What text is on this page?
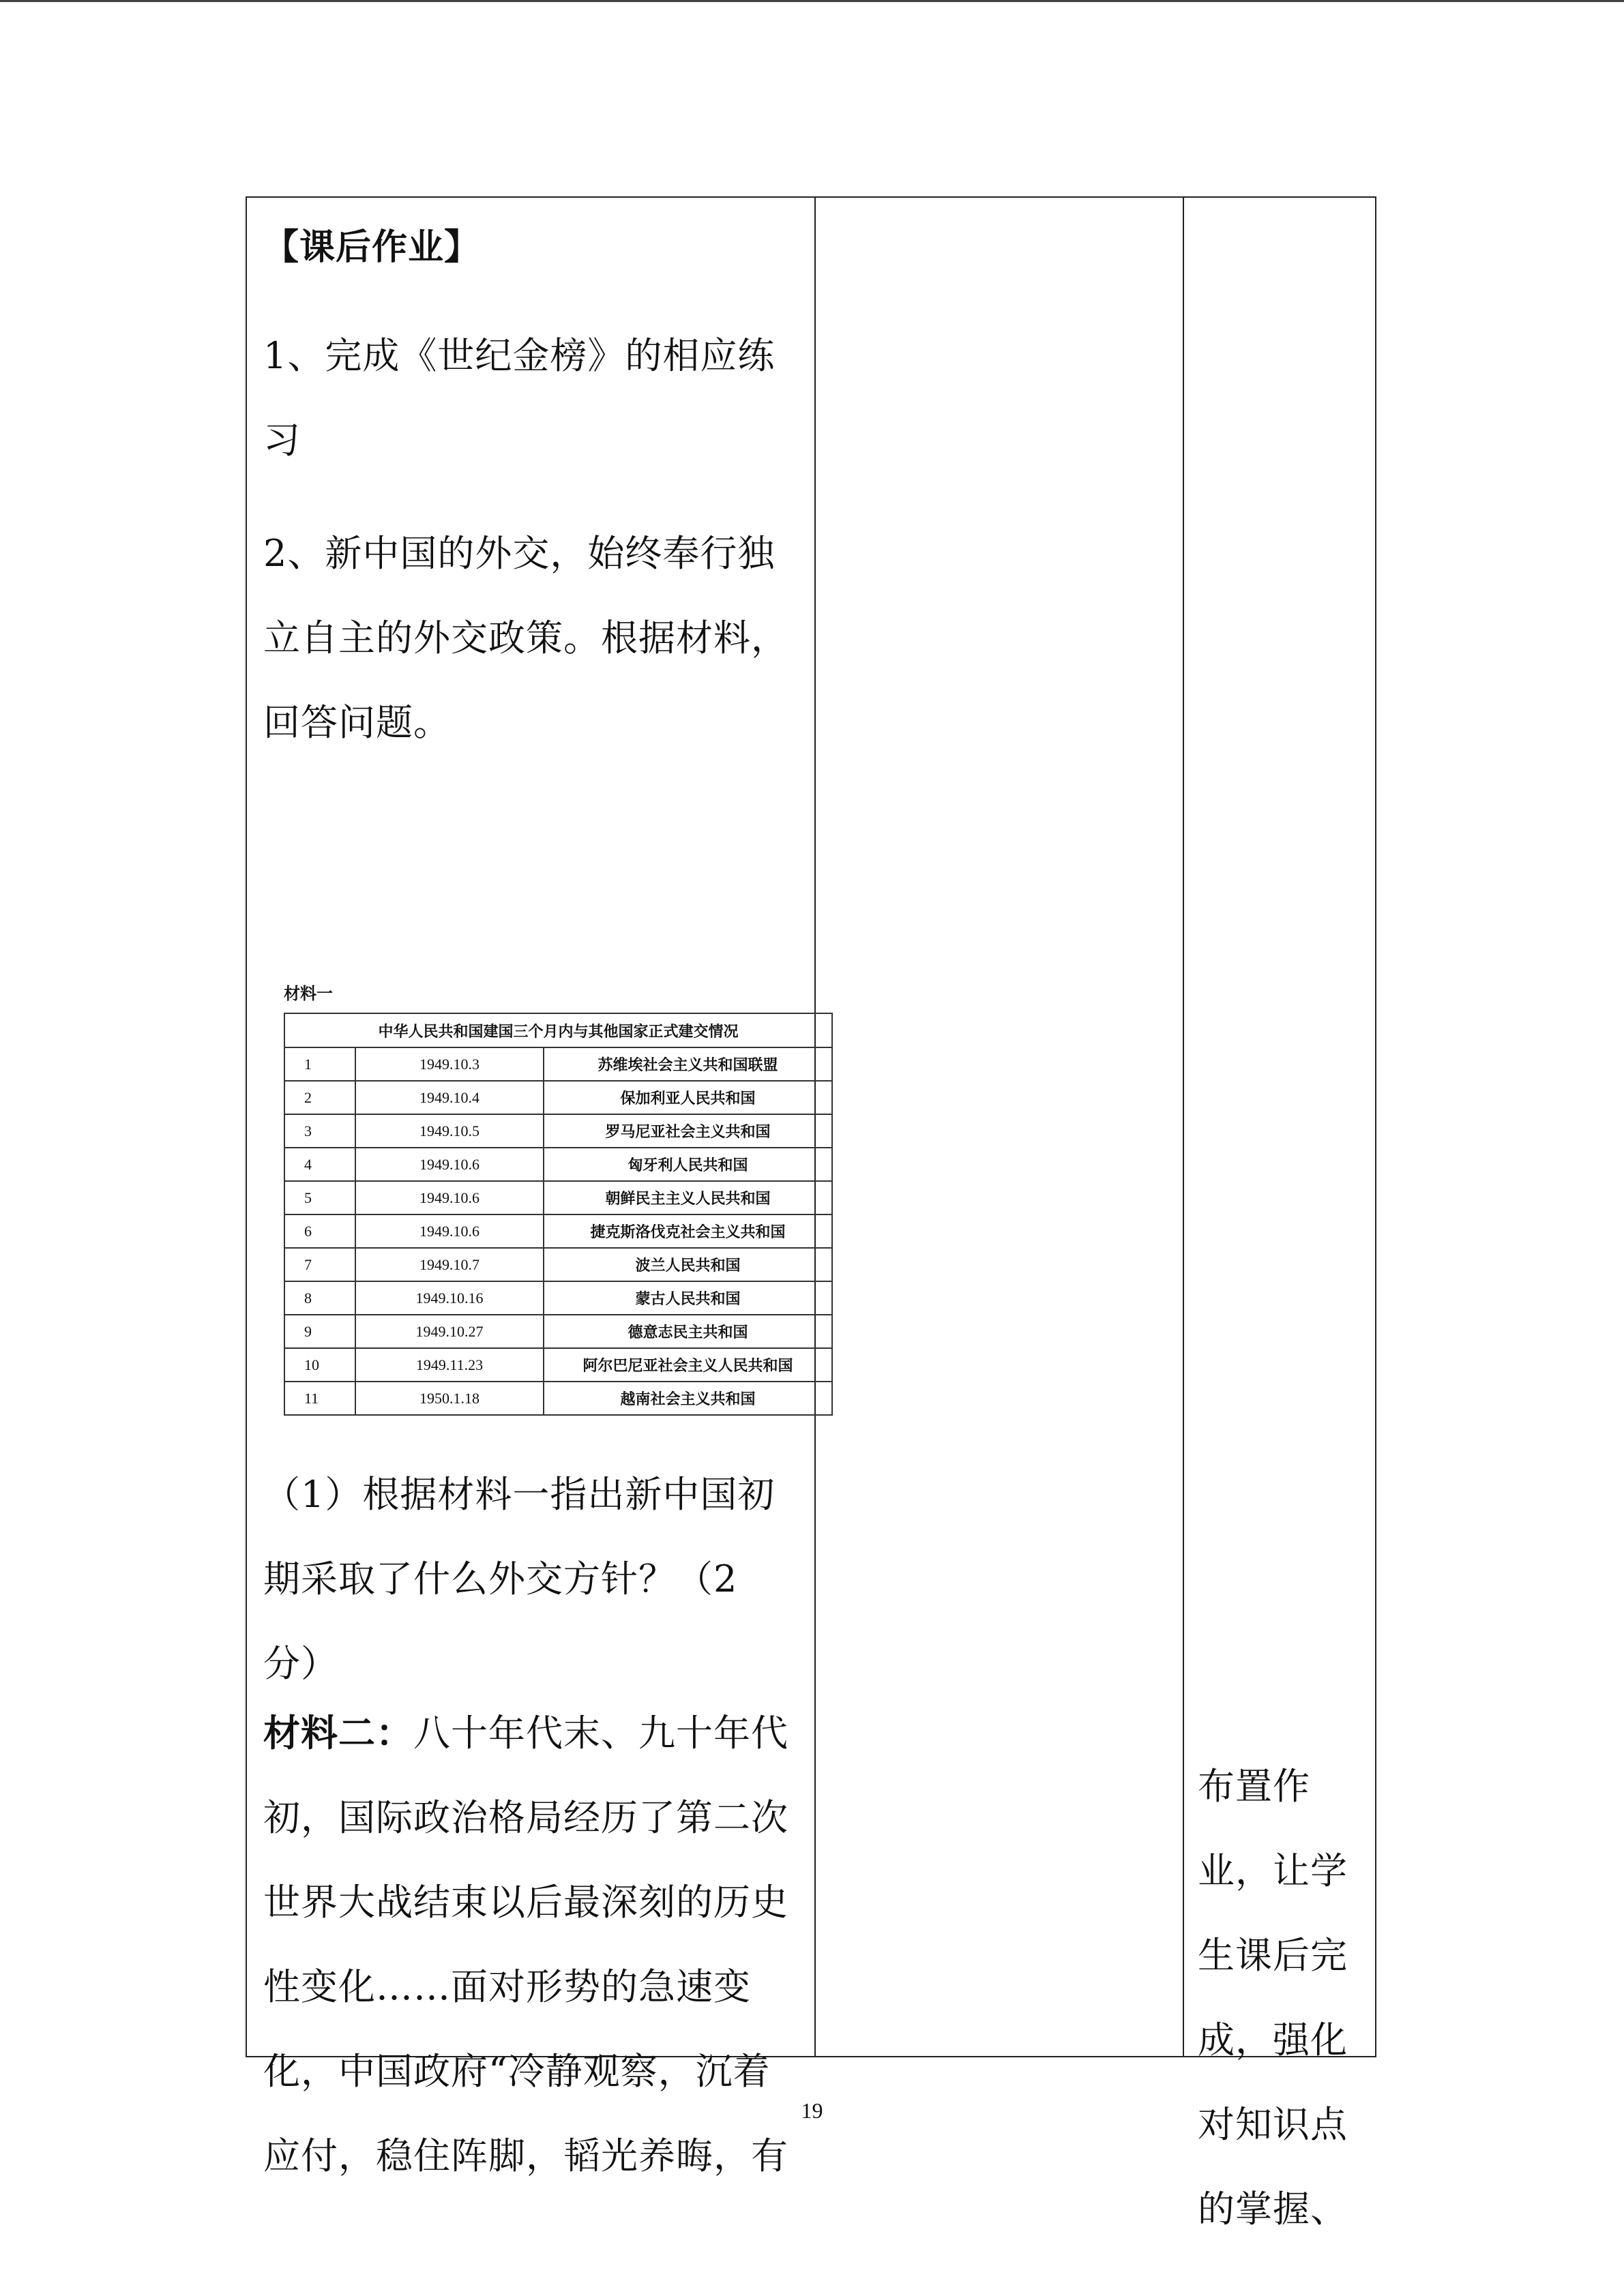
【课后作业】

1、完成《世纪金榜》的相应练
习
2、新中国的外交，始终奉行独
立自主的外交政策。根据材料，
回答问题。
材料一
中华人民共和国建国三个月内与其他国家正式建交情况		
1	1949.10.3	苏维埃社会主义共和国联盟
2	1949.10.4	保加利亚人民共和国
3	1949.10.5	罗马尼亚社会主义共和国
4	1949.10.6	匈牙利人民共和国
5	1949.10.6	朝鲜民主主义人民共和国
6	1949.10.6	捷克斯洛伐克社会主义共和国
7	1949.10.7	波兰人民共和国
8	1949.10.16	蒙古人民共和国
9	1949.10.27	德意志民主共和国
10	1949.11.23	阿尔巴尼亚社会主义人民共和国
11	1950.1.18	越南社会主义共和国
（1）根据材料一指出新中国初
期采取了什么外交方针？（2
分）
材料二：八十年代末、九十年代
初，国际政治格局经历了第二次
世界大战结束以后最深刻的历史
性变化……面对形势的急速变
化，中国政府“冷静观察，沉着
应付，稳住阵脚，韬光养晦，有
布置作
业，让学
生课后完
成，强化
对知识点
的掌握、
19
